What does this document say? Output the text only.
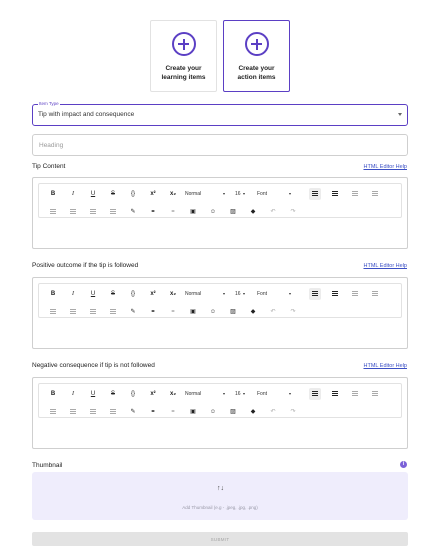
Create your
learning items
Create your
action items
Item Type
Tip with impact and consequence
Heading
Tip Content	HTML Editor Help
B	I	U	S	{}	x²	x₂	Normal	16	Font
✎	⚭	⚭	▣	☺	▨	◆	↶	↷
Positive outcome if the tip is followed	HTML Editor Help
B	I	U	S	{}	x²	x₂	Normal	16	Font
✎	⚭	⚭	▣	☺	▨	◆	↶	↷
Negative consequence if tip is not followed	HTML Editor Help
B	I	U	S	{}	x²	x₂	Normal	16	Font
✎	⚭	⚭	▣	☺	▨	◆	↶	↷
Thumbnail	i
↑↓
Add Thumbnail (e.g - .jpeg, .jpg, .png)
SUBMIT
